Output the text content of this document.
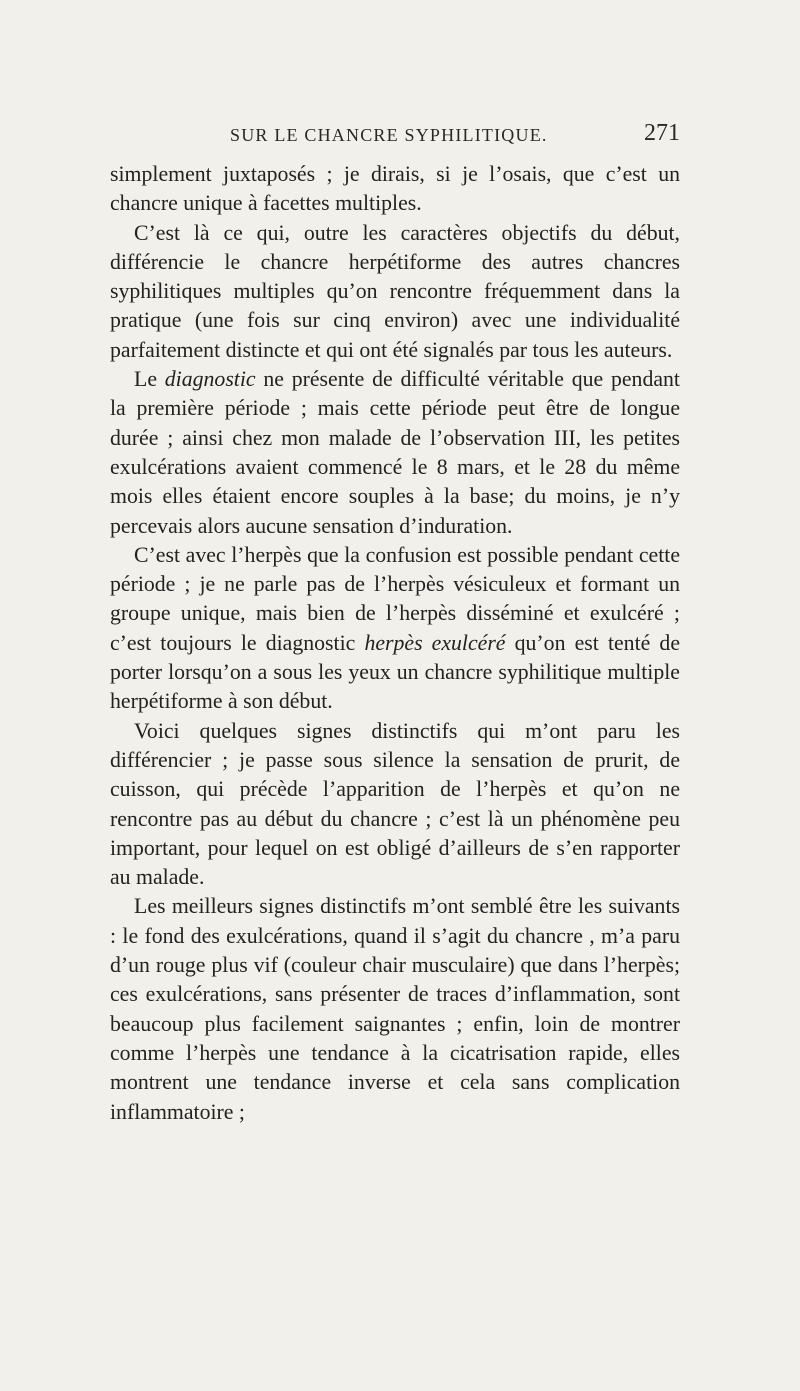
SUR LE CHANCRE SYPHILITIQUE.	271

simplement juxtaposés ; je dirais, si je l’osais, que c’est un chancre unique à facettes multiples.

C’est là ce qui, outre les caractères objectifs du début, différencie le chancre herpétiforme des autres chancres syphilitiques multiples qu’on rencontre fréquemment dans la pratique (une fois sur cinq environ) avec une individualité parfaitement distincte et qui ont été signalés par tous les auteurs.

Le diagnostic ne présente de difficulté véritable que pendant la première période ; mais cette période peut être de longue durée ; ainsi chez mon malade de l’observation III, les petites exulcérations avaient commencé le 8 mars, et le 28 du même mois elles étaient encore souples à la base; du moins, je n’y percevais alors aucune sensation d’induration.

C’est avec l’herpès que la confusion est possible pendant cette période ; je ne parle pas de l’herpès vésiculeux et formant un groupe unique, mais bien de l’herpès disséminé et exulcéré ; c’est toujours le diagnostic herpès exulcéré qu’on est tenté de porter lorsqu’on a sous les yeux un chancre syphilitique multiple herpétiforme à son début.

Voici quelques signes distinctifs qui m’ont paru les différencier ; je passe sous silence la sensation de prurit, de cuisson, qui précède l’apparition de l’herpès et qu’on ne rencontre pas au début du chancre ; c’est là un phénomène peu important, pour lequel on est obligé d’ailleurs de s’en rapporter au malade.

Les meilleurs signes distinctifs m’ont semblé être les suivants : le fond des exulcérations, quand il s’agit du chancre , m’a paru d’un rouge plus vif (couleur chair musculaire) que dans l’herpès; ces exulcérations, sans présenter de traces d’inflammation, sont beaucoup plus facilement saignantes ; enfin, loin de montrer comme l’herpès une tendance à la cicatrisation rapide, elles montrent une tendance inverse et cela sans complication inflammatoire ;
